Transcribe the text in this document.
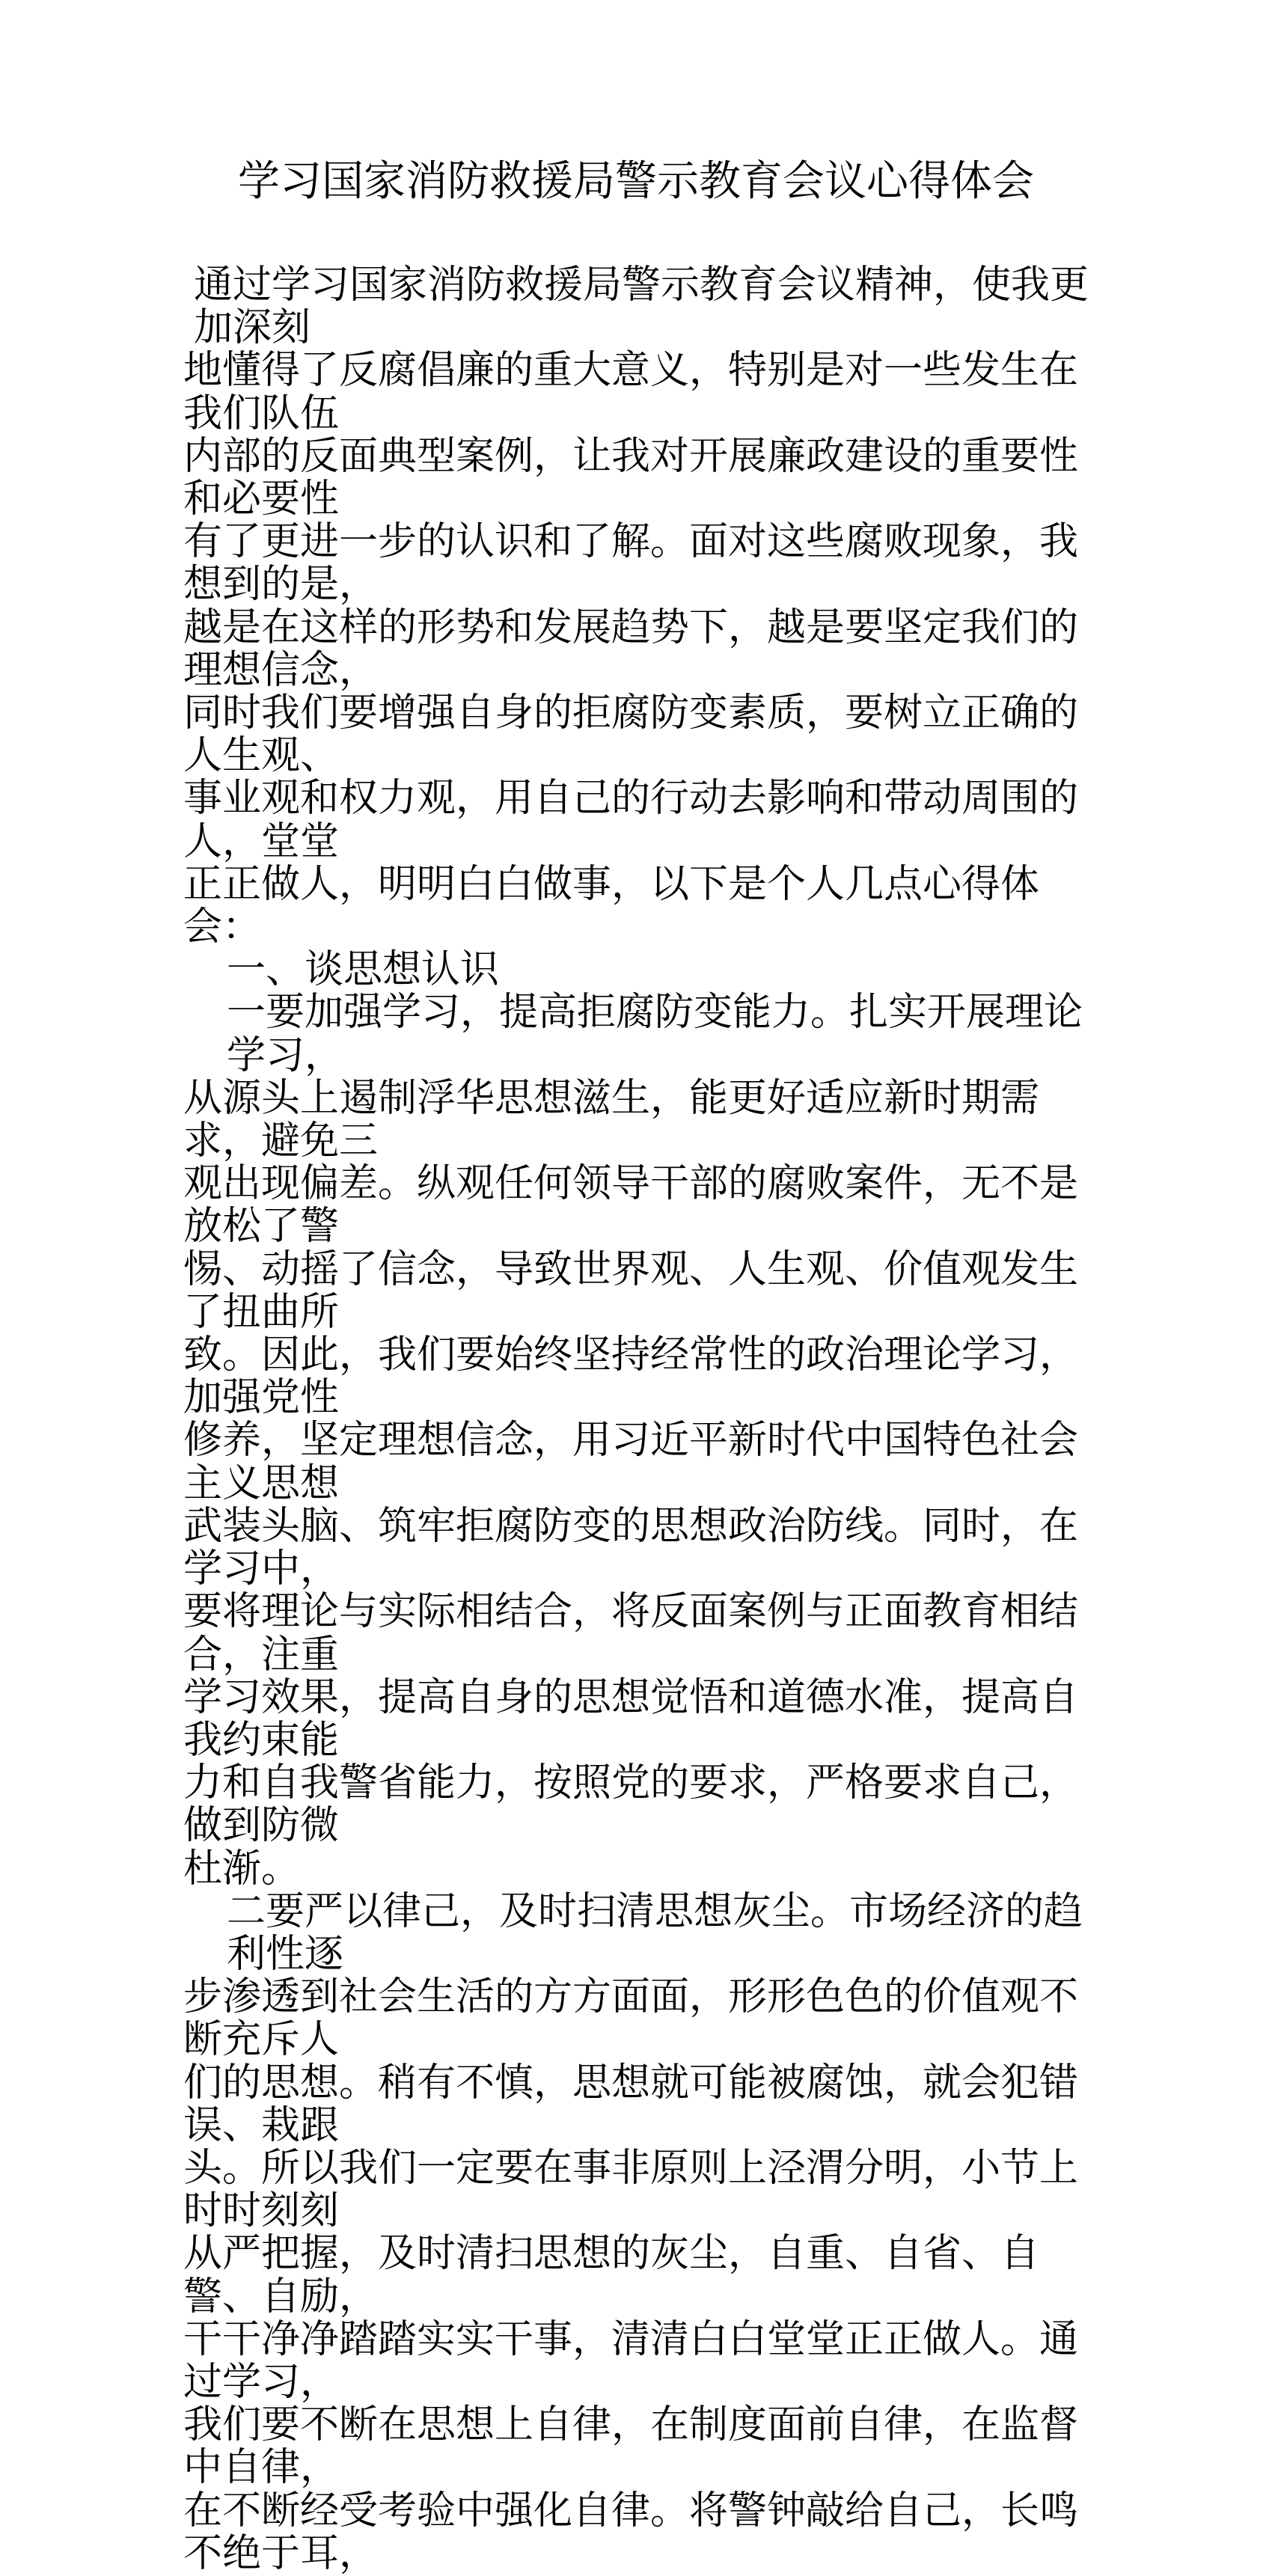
学习国家消防救援局警示教育会议心得体会
通过学习国家消防救援局警示教育会议精神，使我更加深刻
地懂得了反腐倡廉的重大意义，特别是对一些发生在我们队伍
内部的反面典型案例，让我对开展廉政建设的重要性和必要性
有了更进一步的认识和了解。面对这些腐败现象，我想到的是，
越是在这样的形势和发展趋势下，越是要坚定我们的理想信念，
同时我们要增强自身的拒腐防变素质，要树立正确的人生观、
事业观和权力观，用自己的行动去影响和带动周围的人，堂堂
正正做人，明明白白做事，以下是个人几点心得体会：
一、谈思想认识
一要加强学习，提高拒腐防变能力。扎实开展理论学习，
从源头上遏制浮华思想滋生，能更好适应新时期需求，避免三
观出现偏差。纵观任何领导干部的腐败案件，无不是放松了警
惕、动摇了信念，导致世界观、人生观、价值观发生了扭曲所
致。因此，我们要始终坚持经常性的政治理论学习，加强党性
修养，坚定理想信念，用习近平新时代中国特色社会主义思想
武装头脑、筑牢拒腐防变的思想政治防线。同时，在学习中，
要将理论与实际相结合，将反面案例与正面教育相结合，注重
学习效果，提高自身的思想觉悟和道德水准，提高自我约束能
力和自我警省能力，按照党的要求，严格要求自己，做到防微
杜渐。
二要严以律己，及时扫清思想灰尘。市场经济的趋利性逐
步渗透到社会生活的方方面面，形形色色的价值观不断充斥人
们的思想。稍有不慎，思想就可能被腐蚀，就会犯错误、栽跟
头。所以我们一定要在事非原则上泾渭分明，小节上时时刻刻
从严把握，及时清扫思想的灰尘，自重、自省、自警、自励，
干干净净踏踏实实干事，清清白白堂堂正正做人。通过学习，
我们要不断在思想上自律，在制度面前自律，在监督中自律，
在不断经受考验中强化自律。将警钟敲给自己，长鸣不绝于耳，
